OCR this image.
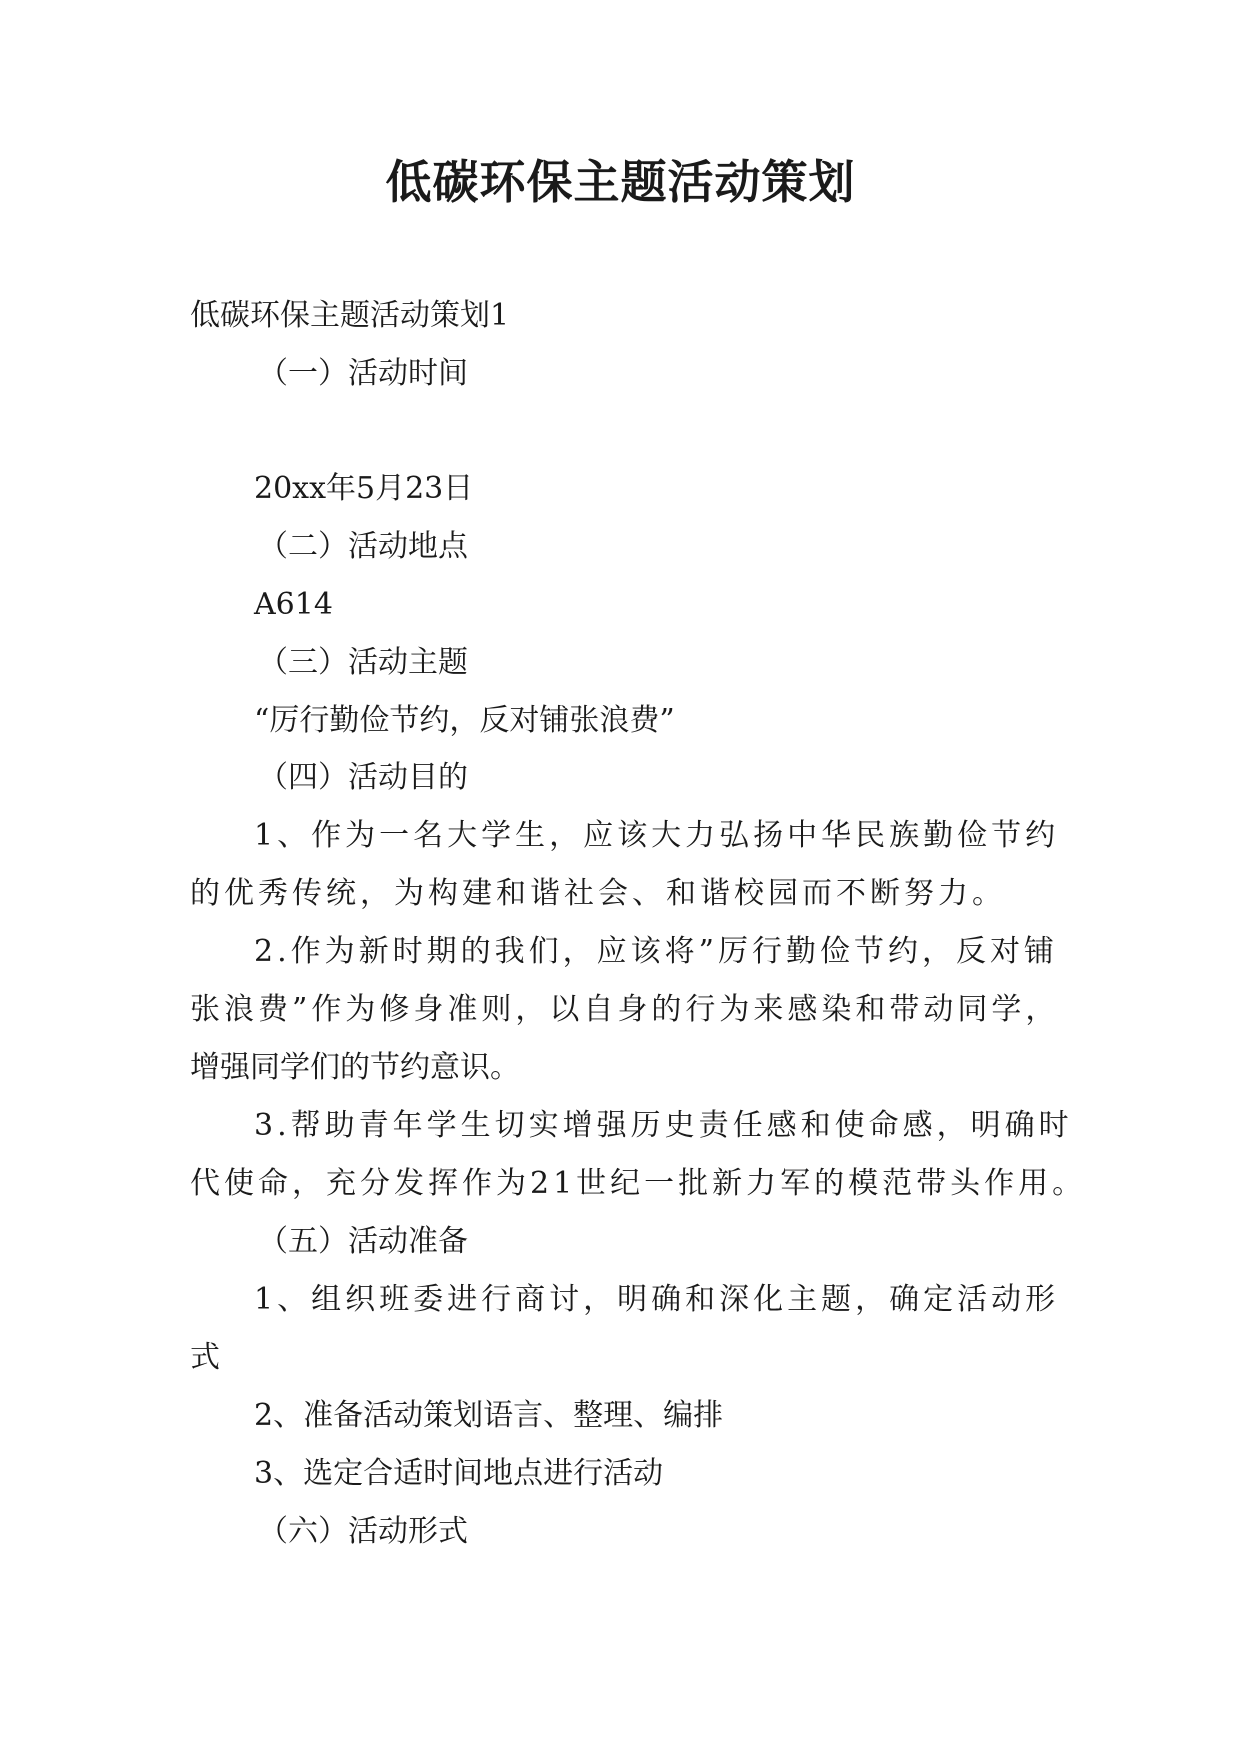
低碳环保主题活动策划
低碳环保主题活动策划1
（一）活动时间
20xx年5月23日
（二）活动地点
A614
（三）活动主题
“厉行勤俭节约，反对铺张浪费”
（四）活动目的
1、作为一名大学生，应该大力弘扬中华民族勤俭节约
的优秀传统，为构建和谐社会、和谐校园而不断努力。
2.作为新时期的我们，应该将”厉行勤俭节约，反对铺
张浪费”作为修身准则，以自身的行为来感染和带动同学，
增强同学们的节约意识。
3.帮助青年学生切实增强历史责任感和使命感，明确时
代使命，充分发挥作为21世纪一批新力军的模范带头作用。
（五）活动准备
1、组织班委进行商讨，明确和深化主题，确定活动形
式
2、准备活动策划语言、整理、编排
3、选定合适时间地点进行活动
（六）活动形式
